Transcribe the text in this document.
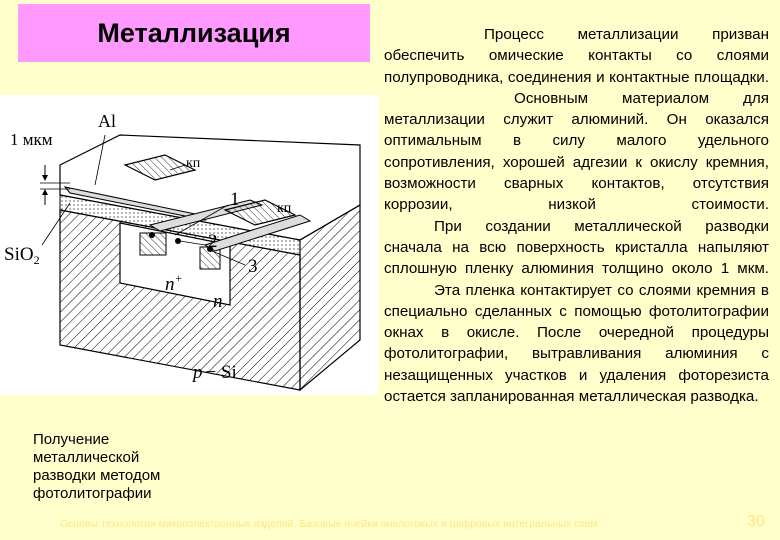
Металлизация
1 мкм
Al
SiO$_2$
кп
кп
1
2
3
n+
n
p − Si
Получение
металлической
разводки методом
фотолитографии

Процесс металлизации призван обеспечить омические контакты со слоями полупроводника, соединения и контактные площадки.

Основным материалом для металлизации служит алюминий. Он оказался оптимальным в силу малого удельного сопротивления, хорошей адгезии к окислу кремния, возможности сварных контактов, отсутствия коррозии, низкой стоимости.

При создании металлической разводки сначала на всю поверхность кристалла напыляют сплошную пленку алюминия толщино около 1 мкм.

Эта пленка контактирует со слоями кремния в специально сделанных с помощью фотолитографии окнах в окисле. После очередной процедуры фотолитографии, вытравливания алюминия с незащищенных участков и удаления фоторезиста остается запланированная металлическая разводка.

Основы технологии микроэлектронных изделий. Базовые ячейки аналоговых и цифровых интегральных схем	30
